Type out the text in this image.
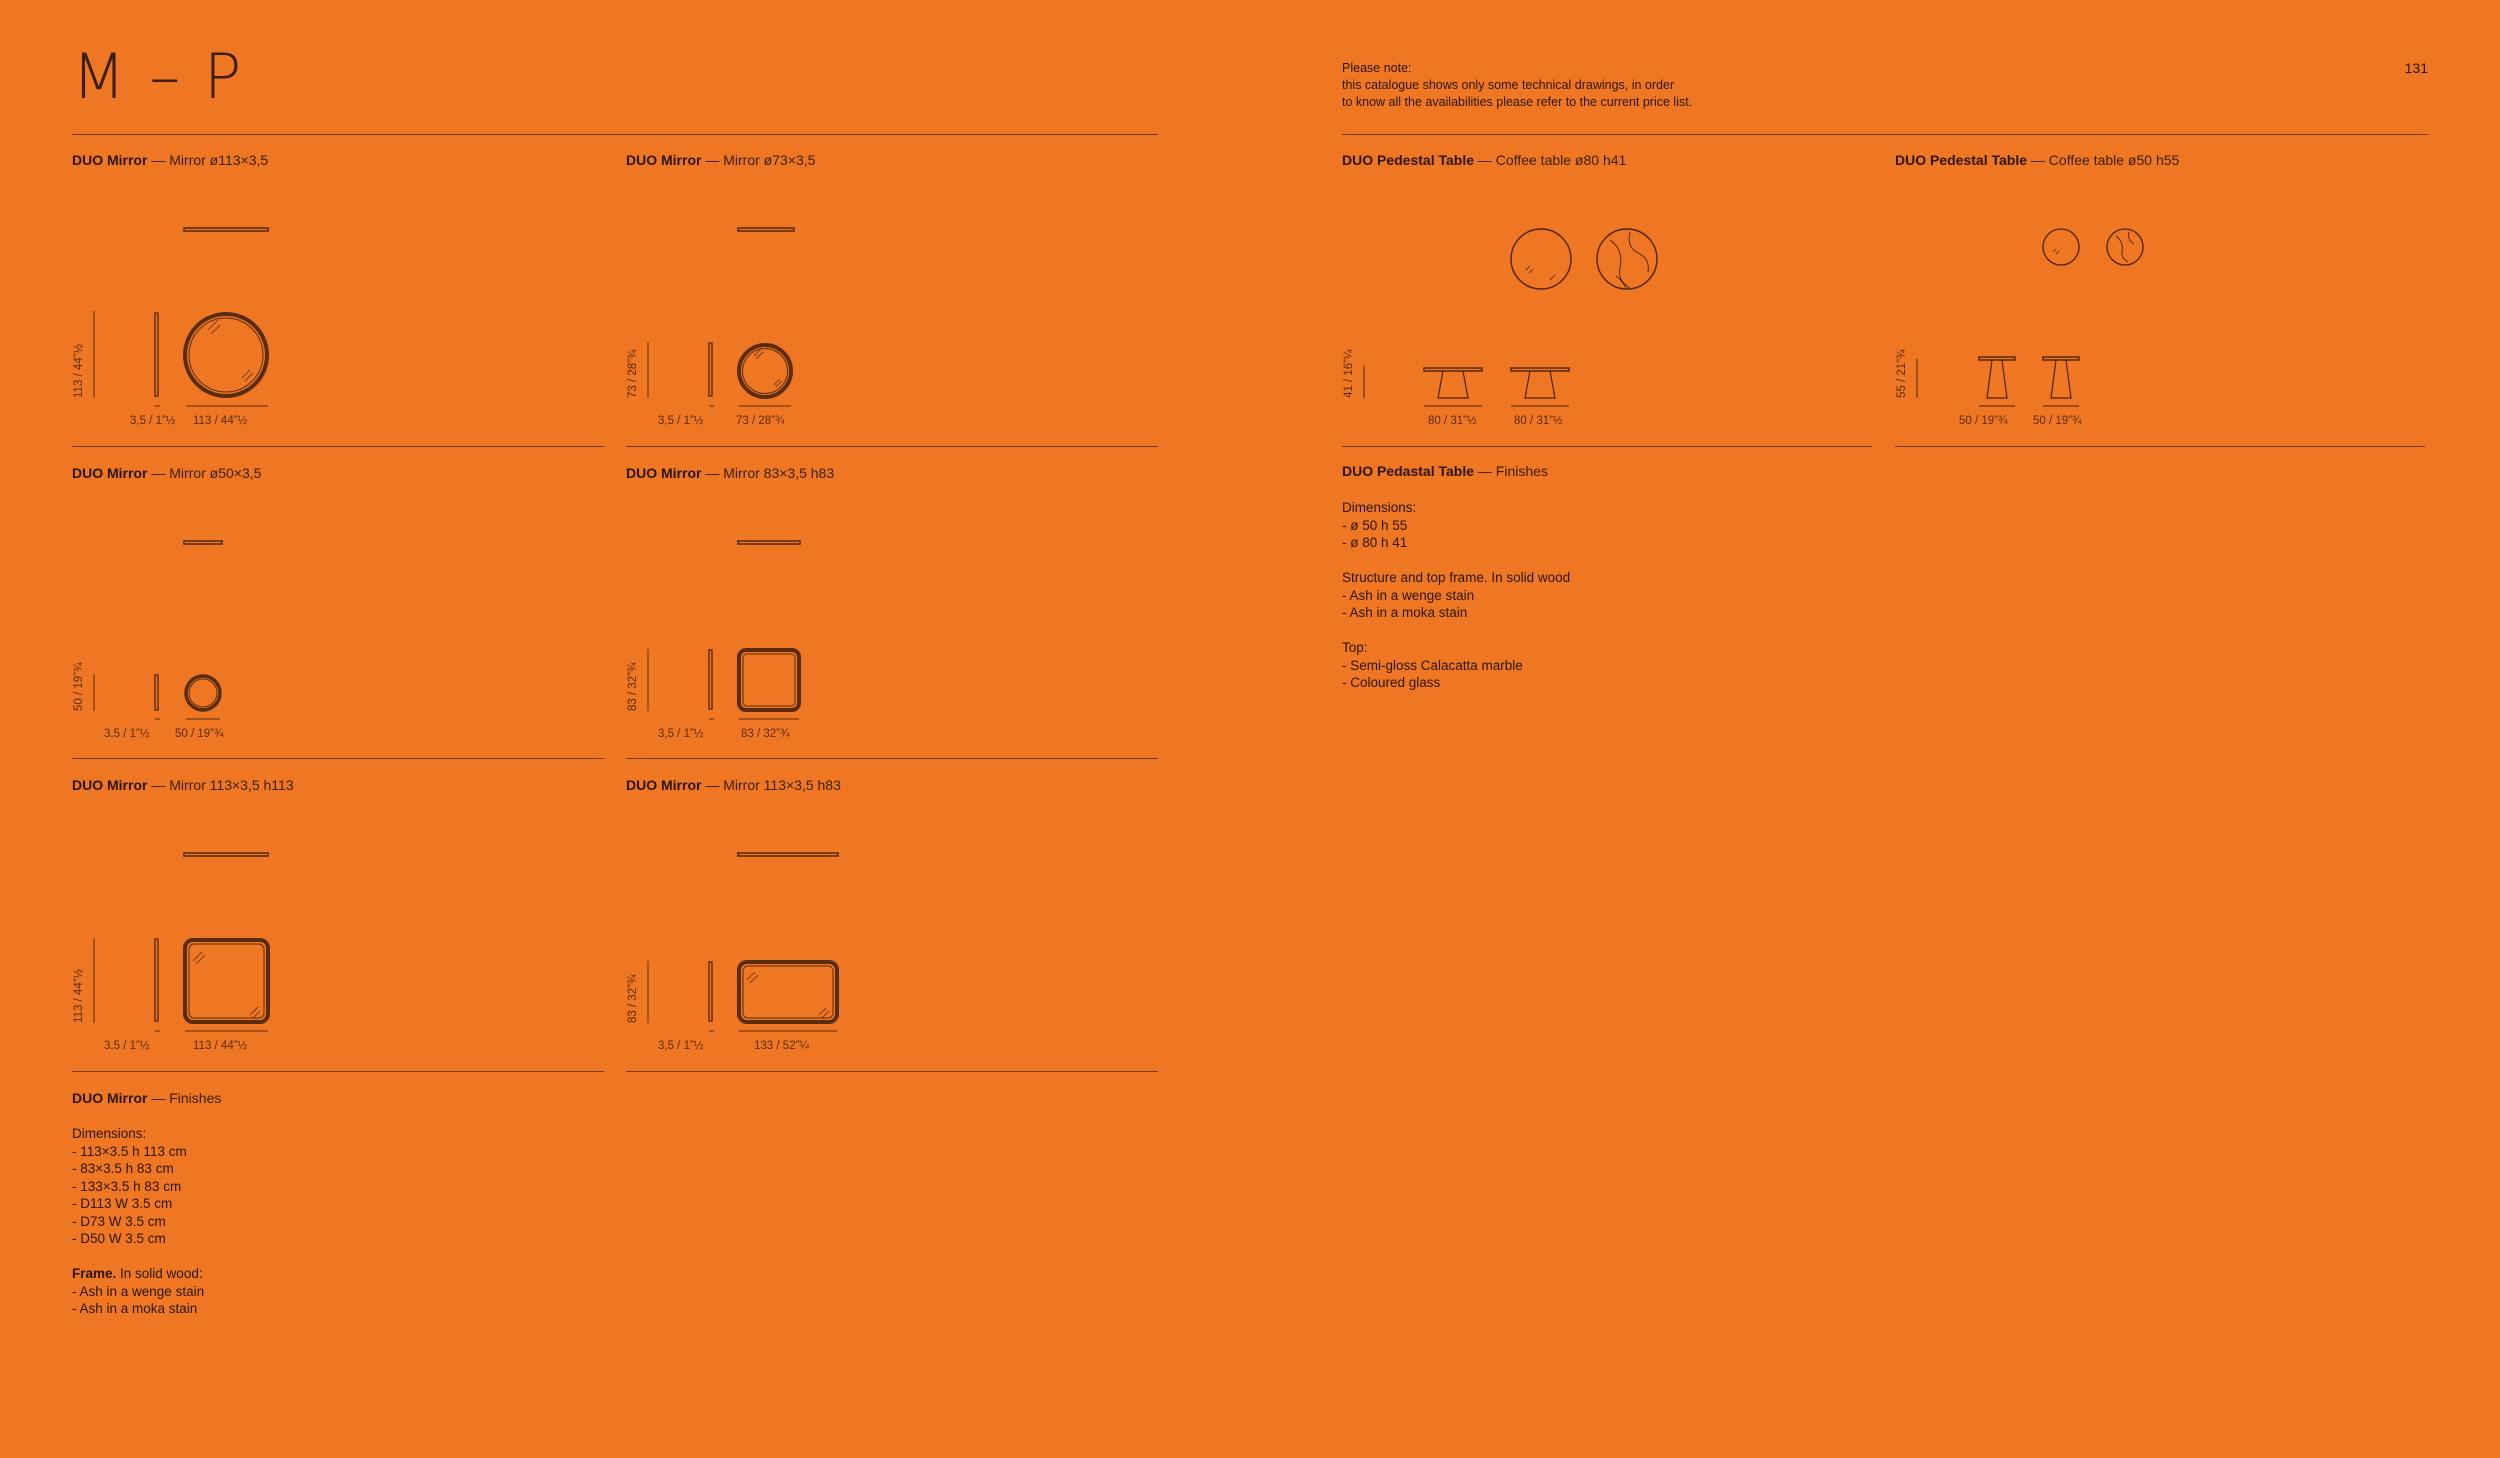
M – P	Please note:
this catalogue shows only some technical drawings, in order
to know all the availabilities please refer to the current price list.
131
DUO Mirror — Mirror ø113×3,5
113 / 44”½
3,5 / 1”½ 113 / 44”½
DUO Mirror — Mirror ø73×3,5
73 / 28”¾
3,5 / 1”½	73 / 28”¾
DUO Mirror — Mirror ø50×3,5
50 / 19”¾
3,5 / 1”½ 50 / 19”¾
DUO Mirror — Mirror 83×3,5 h83
83 / 32”¾
3,5 / 1”½	83 / 32”¾
DUO Mirror — Mirror 113×3,5 h113
113 / 44”½
3,5 / 1”½	113 / 44”½
DUO Mirror — Mirror 113×3,5 h83
83 / 32”¾
3,5 / 1”½	133 / 52”¼
DUO Mirror — Finishes
Dimensions:
- 113×3.5 h 113 cm
- 83×3.5 h 83 cm
- 133×3.5 h 83 cm
- D113 W 3.5 cm
- D73 W 3.5 cm
- D50 W 3.5 cm
Frame. In solid wood:
- Ash in a wenge stain
- Ash in a moka stain
DUO Pedestal Table — Coffee table ø80 h41
41 / 16”¼
80 / 31”½	80 / 31”½
DUO Pedestal Table — Coffee table ø50 h55
55 / 21”¾
50 / 19”¾ 50 / 19”¾
DUO Pedastal Table — Finishes
Dimensions:
- ø 50 h 55
- ø 80 h 41
Structure and top frame. In solid wood
- Ash in a wenge stain
- Ash in a moka stain
Top:
- Semi-gloss Calacatta marble
- Coloured glass
